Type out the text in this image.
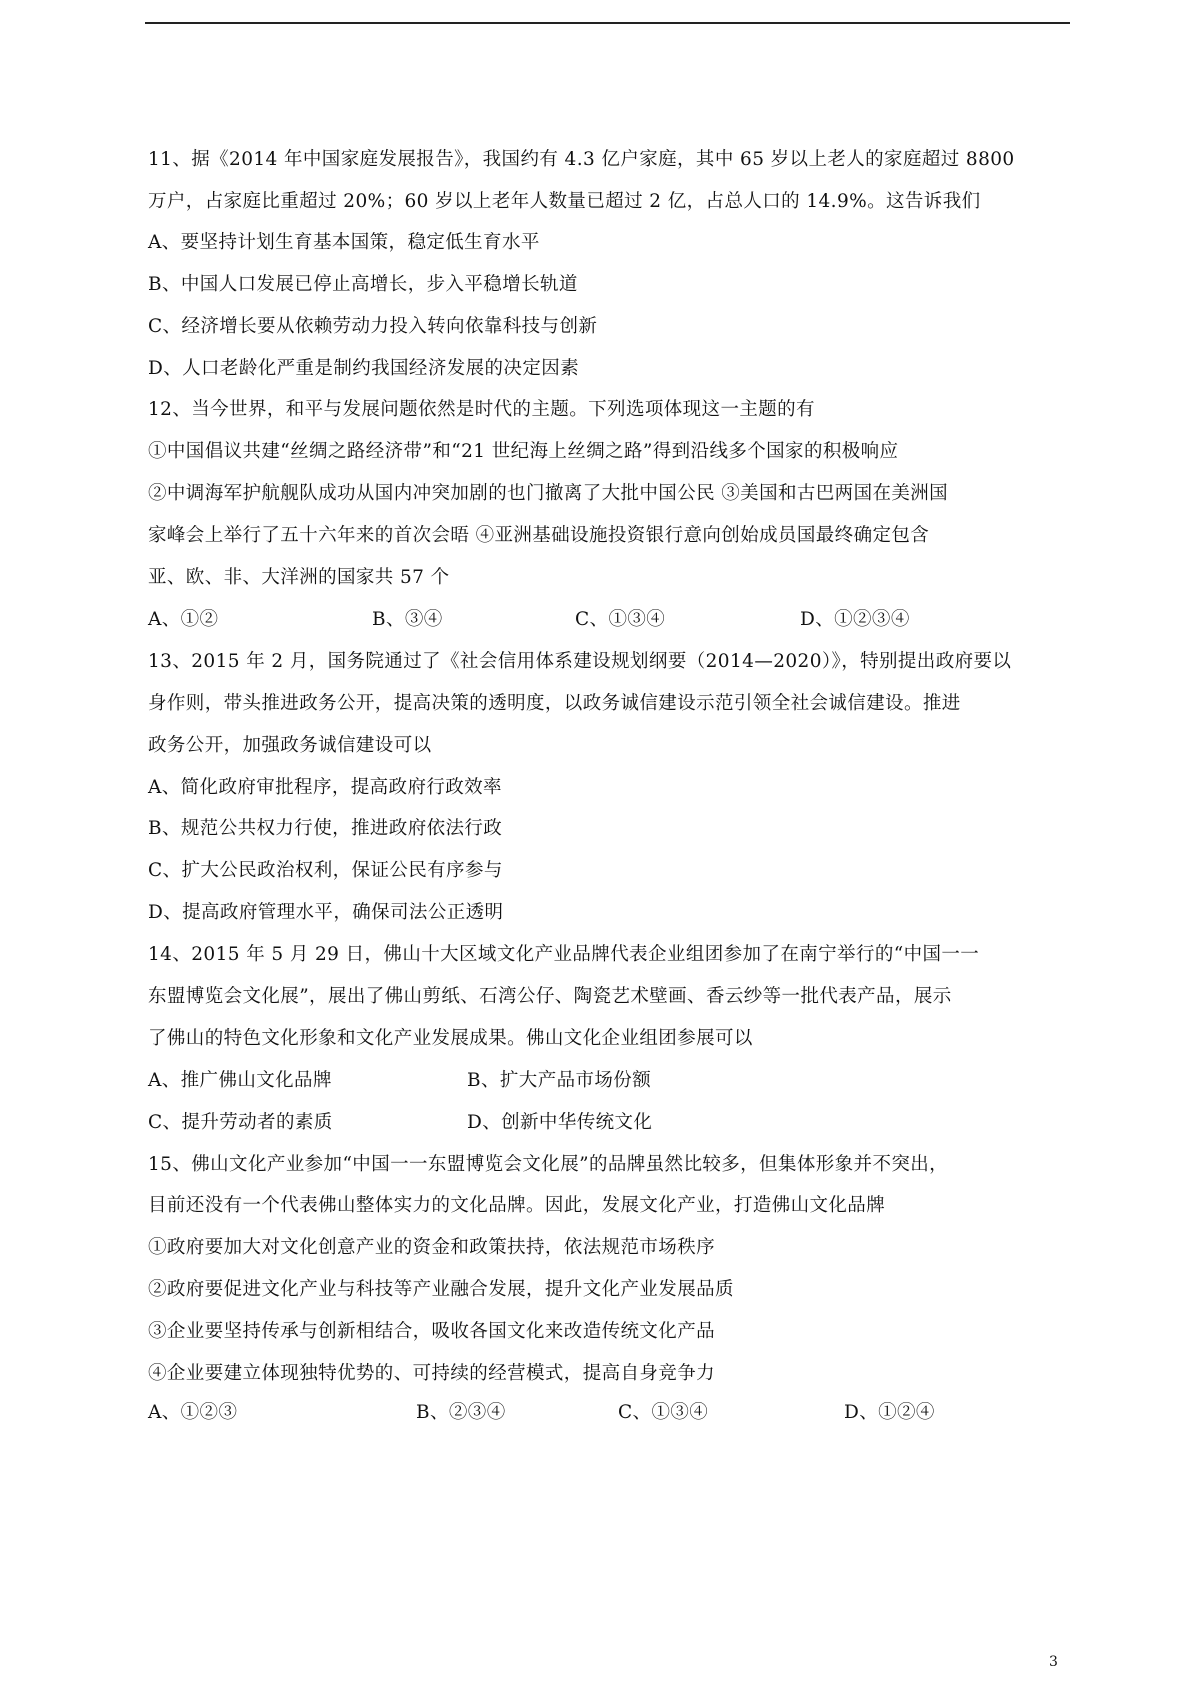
11、据《2014 年中国家庭发展报告》，我国约有 4.3 亿户家庭，其中 65 岁以上老人的家庭超过 8800
万户，占家庭比重超过 20%；60 岁以上老年人数量已超过 2 亿，占总人口的 14.9%。这告诉我们
A、要坚持计划生育基本国策，稳定低生育水平
B、中国人口发展已停止高增长，步入平稳增长轨道
C、经济增长要从依赖劳动力投入转向依靠科技与创新
D、人口老龄化严重是制约我国经济发展的决定因素
12、当今世界，和平与发展问题依然是时代的主题。下列选项体现这一主题的有
①中国倡议共建“丝绸之路经济带”和“21 世纪海上丝绸之路”得到沿线多个国家的积极响应
②中调海军护航舰队成功从国内冲突加剧的也门撤离了大批中国公民 ③美国和古巴两国在美洲国
家峰会上举行了五十六年来的首次会晤 ④亚洲基础设施投资银行意向创始成员国最终确定包含
亚、欧、非、大洋洲的国家共 57 个
A、①②	B、③④	C、①③④	D、①②③④
13、2015 年 2 月，国务院通过了《社会信用体系建设规划纲要（2014—2020）》，特别提出政府要以
身作则，带头推进政务公开，提高决策的透明度，以政务诚信建设示范引领全社会诚信建设。推进
政务公开，加强政务诚信建设可以
A、简化政府审批程序，提高政府行政效率
B、规范公共权力行使，推进政府依法行政
C、扩大公民政治权利，保证公民有序参与
D、提高政府管理水平，确保司法公正透明
14、2015 年 5 月 29 日，佛山十大区域文化产业品牌代表企业组团参加了在南宁举行的“中国一一
东盟博览会文化展”，展出了佛山剪纸、石湾公仔、陶瓷艺术壁画、香云纱等一批代表产品，展示
了佛山的特色文化形象和文化产业发展成果。佛山文化企业组团参展可以
A、推广佛山文化品牌	B、扩大产品市场份额
C、提升劳动者的素质	D、创新中华传统文化
15、佛山文化产业参加“中国一一东盟博览会文化展”的品牌虽然比较多，但集体形象并不突出，
目前还没有一个代表佛山整体实力的文化品牌。因此，发展文化产业，打造佛山文化品牌
①政府要加大对文化创意产业的资金和政策扶持，依法规范市场秩序
②政府要促进文化产业与科技等产业融合发展，提升文化产业发展品质
③企业要坚持传承与创新相结合，吸收各国文化来改造传统文化产品
④企业要建立体现独特优势的、可持续的经营模式，提高自身竞争力
A、①②③	B、②③④	C、①③④	D、①②④
3
